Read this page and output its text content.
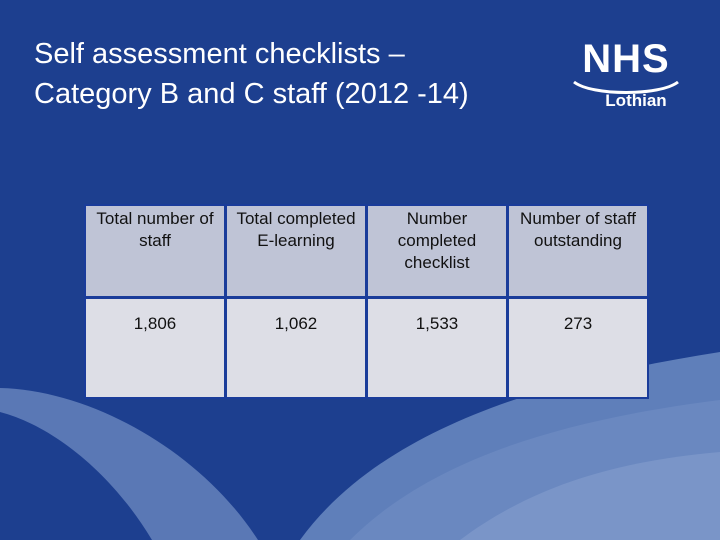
Self assessment checklists –
Category B and C staff (2012 -14)
NHS
Lothian
Total number of staff	Total completed E-learning	Number completed checklist	Number of staff outstanding
1,806	1,062	1,533	273
